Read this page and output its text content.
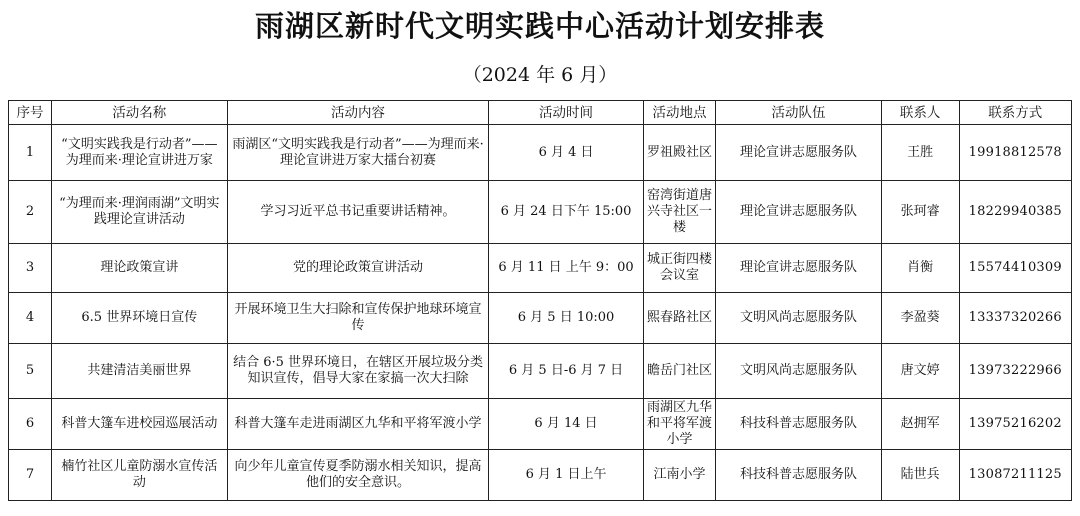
雨湖区新时代文明实践中心活动计划安排表
（2024 年 6 月）
序号	活动名称	活动内容	活动时间	活动地点	活动队伍	联系人	联系方式
1	“文明实践我是行动者”——为理而来·理论宣讲进万家	雨湖区“文明实践我是行动者”——为理而来·理论宣讲进万家大擂台初赛	6 月 4 日	罗祖殿社区	理论宣讲志愿服务队	王胜	19918812578
2	“为理而来·理润雨湖”文明实践理论宣讲活动	学习习近平总书记重要讲话精神。	6 月 24 日下午 15:00	窑湾街道唐兴寺社区一楼	理论宣讲志愿服务队	张珂睿	18229940385
3	理论政策宣讲	党的理论政策宣讲活动	6 月 11 日 上午 9：00	城正街四楼会议室	理论宣讲志愿服务队	肖衡	15574410309
4	6.5 世界环境日宣传	开展环境卫生大扫除和宣传保护地球环境宣传	6 月 5 日 10:00	熙春路社区	文明风尚志愿服务队	李盈葵	13337320266
5	共建清洁美丽世界	结合 6·5 世界环境日，在辖区开展垃圾分类知识宣传，倡导大家在家搞一次大扫除	6 月 5 日-6 月 7 日	瞻岳门社区	文明风尚志愿服务队	唐文婷	13973222966
6	科普大篷车进校园巡展活动	科普大篷车走进雨湖区九华和平将军渡小学	6 月 14 日	雨湖区九华和平将军渡小学	科技科普志愿服务队	赵拥军	13975216202
7	楠竹社区儿童防溺水宣传活动	向少年儿童宣传夏季防溺水相关知识，提高他们的安全意识。	6 月 1 日上午	江南小学	科技科普志愿服务队	陆世兵	13087211125
